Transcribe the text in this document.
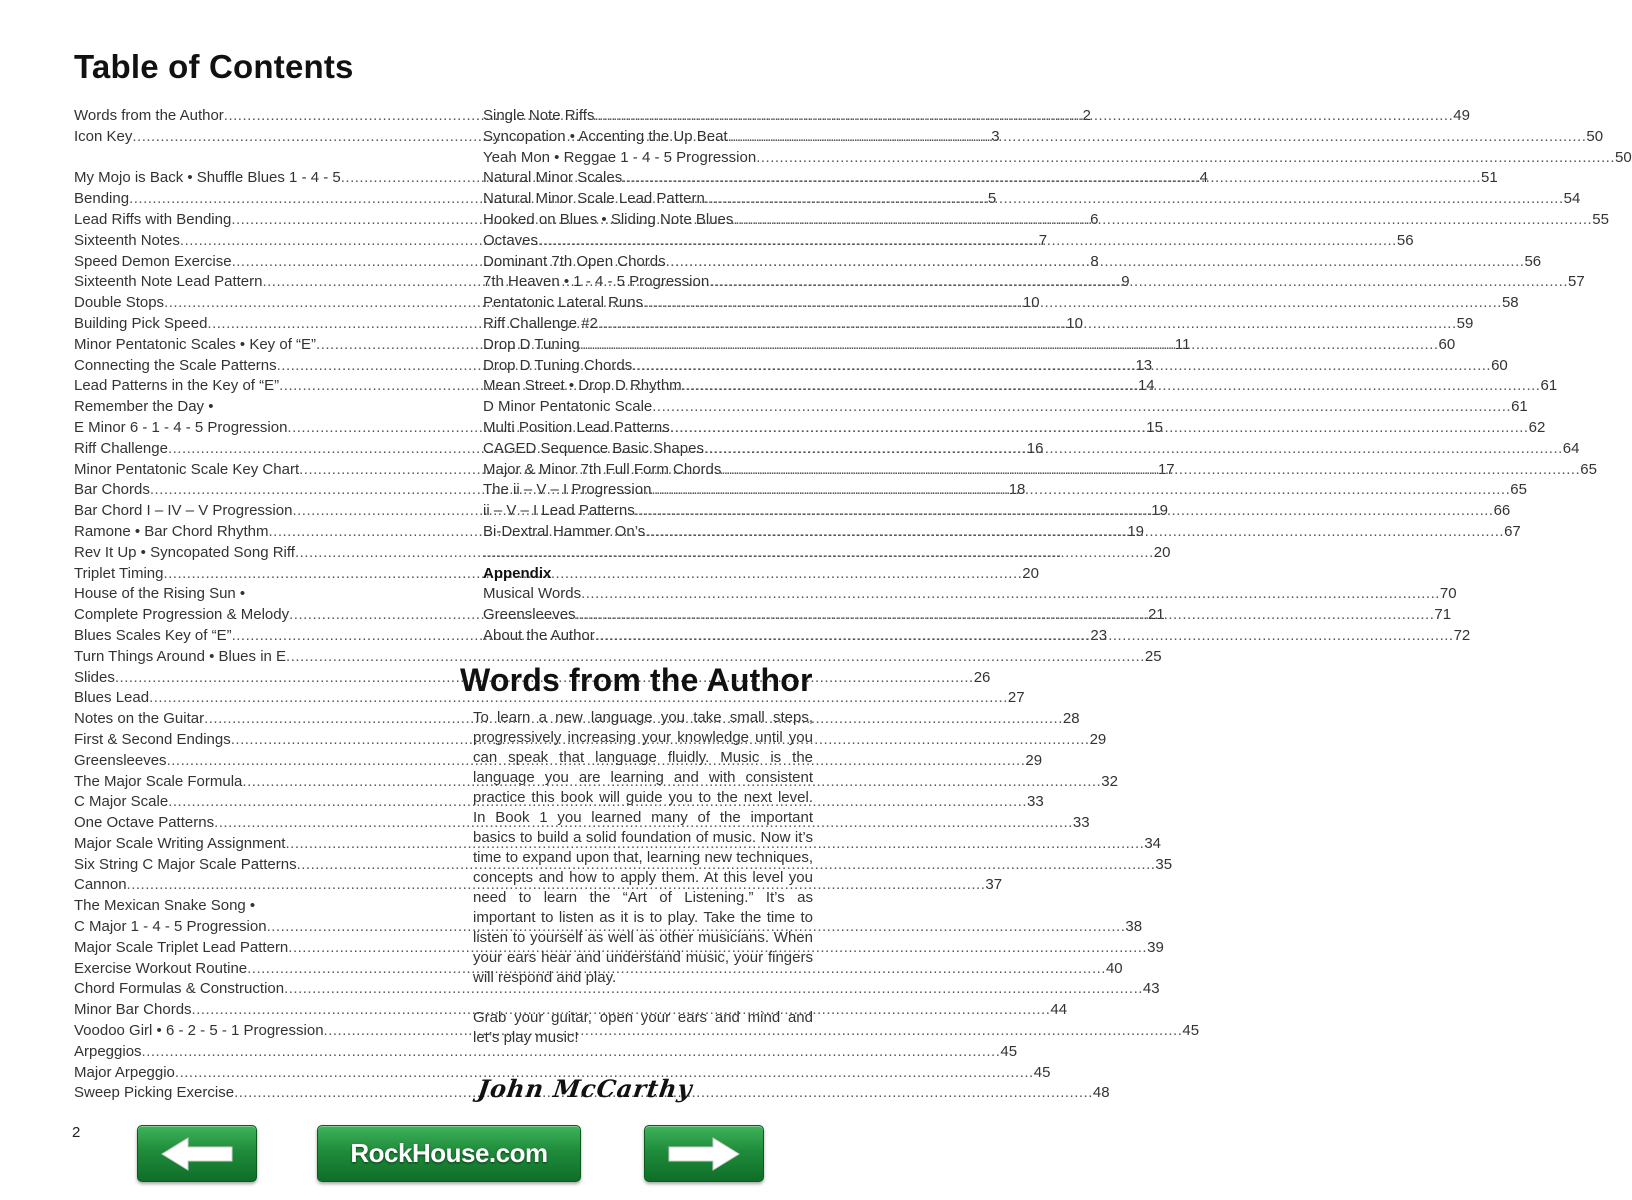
Table of Contents
Words from the Author .....	2
Icon Key .....	3
My Mojo is Back • Shuffle Blues 1 - 4 - 5 .....	4
Bending .....	5
Lead Riffs with Bending .....	6
Sixteenth Notes .....	7
Speed Demon Exercise .....	8
Sixteenth Note Lead Pattern .....	9
Double Stops .....	10
Building Pick Speed .....	10
Minor Pentatonic Scales • Key of “E” .....	11
Connecting the Scale Patterns .....	13
Lead Patterns in the Key of “E” .....	14
Remember the Day •
E Minor 6 - 1 - 4 - 5 Progression .....	15
Riff Challenge .....	16
Minor Pentatonic Scale Key Chart .....	17
Bar Chords .....	18
Bar Chord I – IV – V Progression .....	19
Ramone • Bar Chord Rhythm .....	19
Rev It Up • Syncopated Song Riff .....	20
Triplet Timing .....	20
House of the Rising Sun •
Complete Progression & Melody .....	21
Blues Scales Key of “E” .....	23
Turn Things Around • Blues in E .....	25
Slides .....	26
Blues Lead .....	27
Notes on the Guitar .....	28
First & Second Endings .....	29
Greensleeves .....	29
The Major Scale Formula .....	32
C Major Scale .....	33
One Octave Patterns .....	33
Major Scale Writing Assignment .....	34
Six String C Major Scale Patterns .....	35
Cannon .....	37
The Mexican Snake Song •
C Major 1 - 4 - 5 Progression .....	38
Major Scale Triplet Lead Pattern .....	39
Exercise Workout Routine .....	40
Chord Formulas & Construction .....	43
Minor Bar Chords .....	44
Voodoo Girl • 6 - 2 - 5 - 1 Progression .....	45
Arpeggios .....	45
Major Arpeggio .....	45
Sweep Picking Exercise .....	48
Single Note Riffs .....	49
Syncopation • Accenting the Up Beat .....	50
Yeah Mon • Reggae 1 - 4 - 5 Progression .....	50
Natural Minor Scales .....	51
Natural Minor Scale Lead Pattern .....	54
Hooked on Blues • Sliding Note Blues .....	55
Octaves .....	56
Dominant 7th Open Chords .....	56
7th Heaven • 1 - 4 - 5 Progression .....	57
Pentatonic Lateral Runs .....	58
Riff Challenge #2 .....	59
Drop D Tuning .....	60
Drop D Tuning Chords .....	60
Mean Street • Drop D Rhythm .....	61
D Minor Pentatonic Scale .....	61
Multi Position Lead Patterns .....	62
CAGED Sequence Basic Shapes .....	64
Major & Minor 7th Full Form Chords .....	65
The ii – V – I Progression .....	65
ii – V – I Lead Patterns .....	66
Bi-Dextral Hammer On’s .....	67
............................................................................................................................
Appendix
Musical Words .....	70
Greensleeves .....	71
About the Author .....	72
Words from the Author

To learn a new language you take small steps, progressively increasing your knowledge until you can speak that language fluidly. Music is the language you are learning and with consistent practice this book will guide you to the next level. In Book 1 you learned many of the important basics to build a solid foundation of music. Now it’s time to expand upon that, learning new techniques, concepts and how to apply them. At this level you need to learn the “Art of Listening.” It’s as important to listen as it is to play. Take the time to listen to yourself as well as other musicians. When your ears hear and understand music, your fingers will respond and play.

Grab your guitar, open your ears and mind and let’s play music!

John McCarthy
2
RockHouse.com
